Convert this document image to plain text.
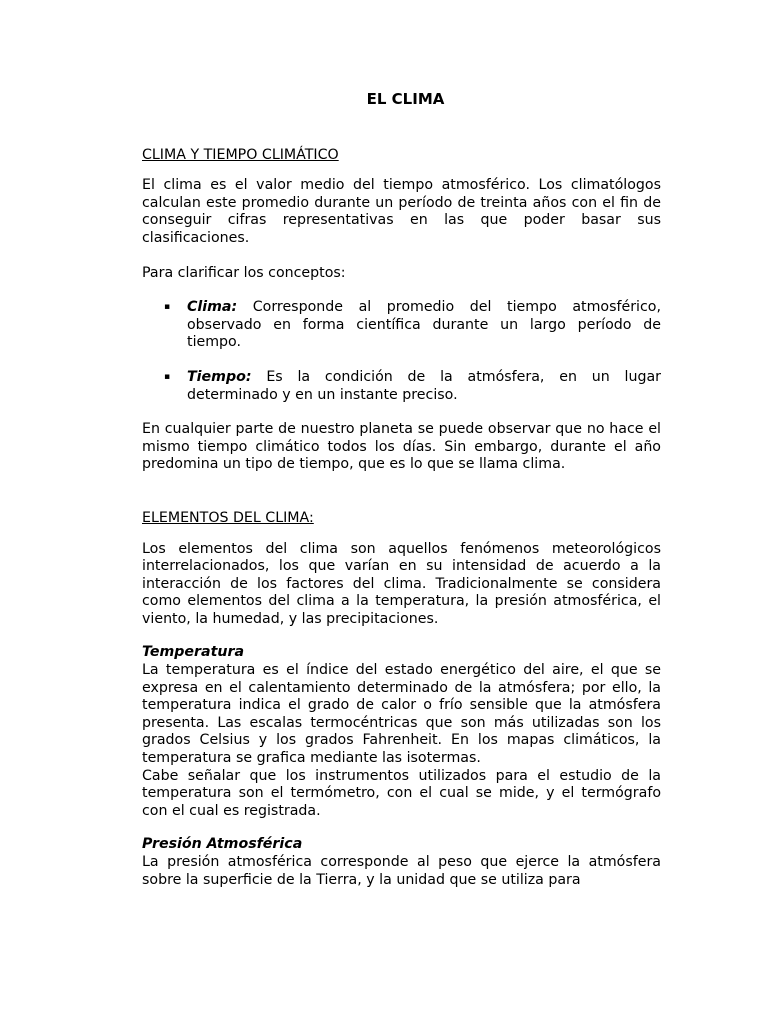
EL CLIMA
CLIMA Y TIEMPO CLIMÁTICO
El clima es el valor medio del tiempo atmosférico. Los climatólogos calculan este promedio durante un período de treinta años con el fin de conseguir cifras representativas en las que poder basar sus clasificaciones.
Para clarificar los conceptos:
▪ Clima: Corresponde al promedio del tiempo atmosférico, observado en forma científica durante un largo período de tiempo.
▪ Tiempo: Es la condición de la atmósfera, en un lugar determinado y en un instante preciso.
En cualquier parte de nuestro planeta se puede observar que no hace el mismo tiempo climático todos los días. Sin embargo, durante el año predomina un tipo de tiempo, que es lo que se llama clima.
ELEMENTOS DEL CLIMA:
Los elementos del clima son aquellos fenómenos meteorológicos interrelacionados, los que varían en su intensidad de acuerdo a la interacción de los factores del clima. Tradicionalmente se considera como elementos del clima a la temperatura, la presión atmosférica, el viento, la humedad, y las precipitaciones.
Temperatura
La temperatura es el índice del estado energético del aire, el que se expresa en el calentamiento determinado de la atmósfera; por ello, la temperatura indica el grado de calor o frío sensible que la atmósfera presenta. Las escalas termocéntricas que son más utilizadas son los grados Celsius y los grados Fahrenheit. En los mapas climáticos, la temperatura se grafica mediante las isotermas.
Cabe señalar que los instrumentos utilizados para el estudio de la temperatura son el termómetro, con el cual se mide, y el termógrafo con el cual es registrada.
Presión Atmosférica
La presión atmosférica corresponde al peso que ejerce la atmósfera sobre la superficie de la Tierra, y la unidad que se utiliza para
